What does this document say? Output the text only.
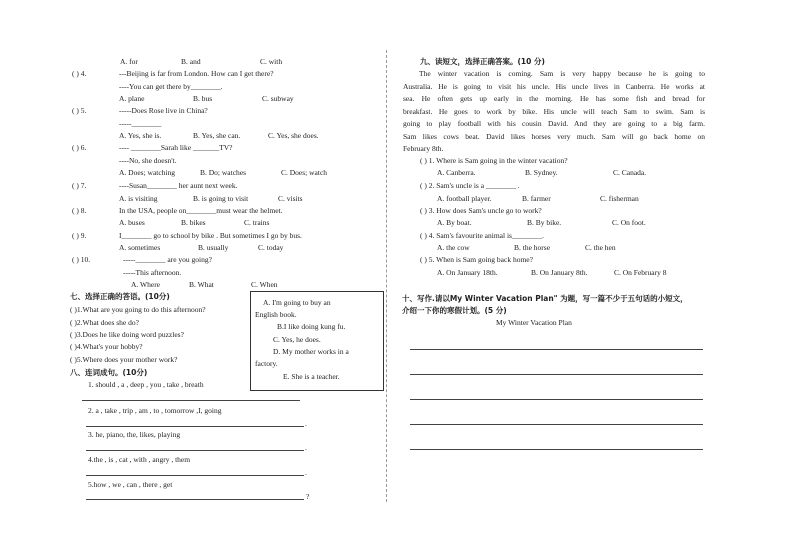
A. for	B. and	C. with
( ) 4.	---Beijing is far from London. How can I get there?
----You can get there by________.
A. plane	B. bus	C. subway
( ) 5.	-----Does Rose live in China?
-----________
A. Yes, she is.	B. Yes, she can.	C. Yes, she does.
( ) 6.	---- ________Sarah like _______TV?
----No, she doesn't.
A. Does; watching	B. Do; watches	C. Does; watch
( ) 7.	----Susan________ her aunt next week.
A. is visiting	B. is going to visit	C. visits
( ) 8.	In the USA, people on________must wear the helmet.
A. buses	B. bikes	C. trains
( ) 9.	I________ go to school by bike . But sometimes I go by bus.
A. sometimes	B. usually	C. today
( ) 10.	-----________ are you going?
-----This afternoon.
A. Where	B. What	C. When
七、选择正确的答语。(10分)
( )1.What are you going to do this afternoon?
( )2.What does she do?
( )3.Does he like doing word puzzles?
( )4.What's your hobby?
( )5.Where does your mother work?
A. I'm going to buy an
English book.
B.I like doing kung fu.
C. Yes, he does.
D. My mother works in a
factory.
E. She is a teacher.
八、连词成句。(10分)
1. should , a , deep , you , take , breath
2. a , take , trip , am , to , tomorrow ,I, going
.
3. he, piano, the, likes, playing
.
4.the , is , cat , with , angry , them
.
5.how , we , can , there , get
?
九、读短文，选择正确答案。(10 分)
The winter vacation is coming. Sam is very happy because he is going to
Australia. He is going to visit his uncle. His uncle lives in Canberra. He works at
sea. He often gets up early in the morning. He has some fish and bread for
breakfast. He goes to work by bike. His uncle will teach Sam to swim. Sam is
going to play football with his cousin David. And they are going to a big farm.
Sam likes cows beat. David likes horses very much. Sam will go back home on
February 8th.
( ) 1. Where is Sam going in the winter vacation?
A. Canberra.	B. Sydney.	C. Canada.
( ) 2. Sam's uncle is a ________ .
A. football player.	B. farmer	C. fisherman
( ) 3. How does Sam's uncle go to work?
A. By boat.	B. By bike.	C. On foot.
( ) 4. Sam's favourite animal is________.
A. the cow	B. the horse	C. the hen
( ) 5. When is Sam going back home?
A. On January 18th.	B. On January 8th.	C. On February 8
十、写作.请以My Winter Vacation Plan" 为题，写一篇不少于五句话的小短文，
介绍一下你的寒假计划。(5 分)
My Winter Vacation Plan
